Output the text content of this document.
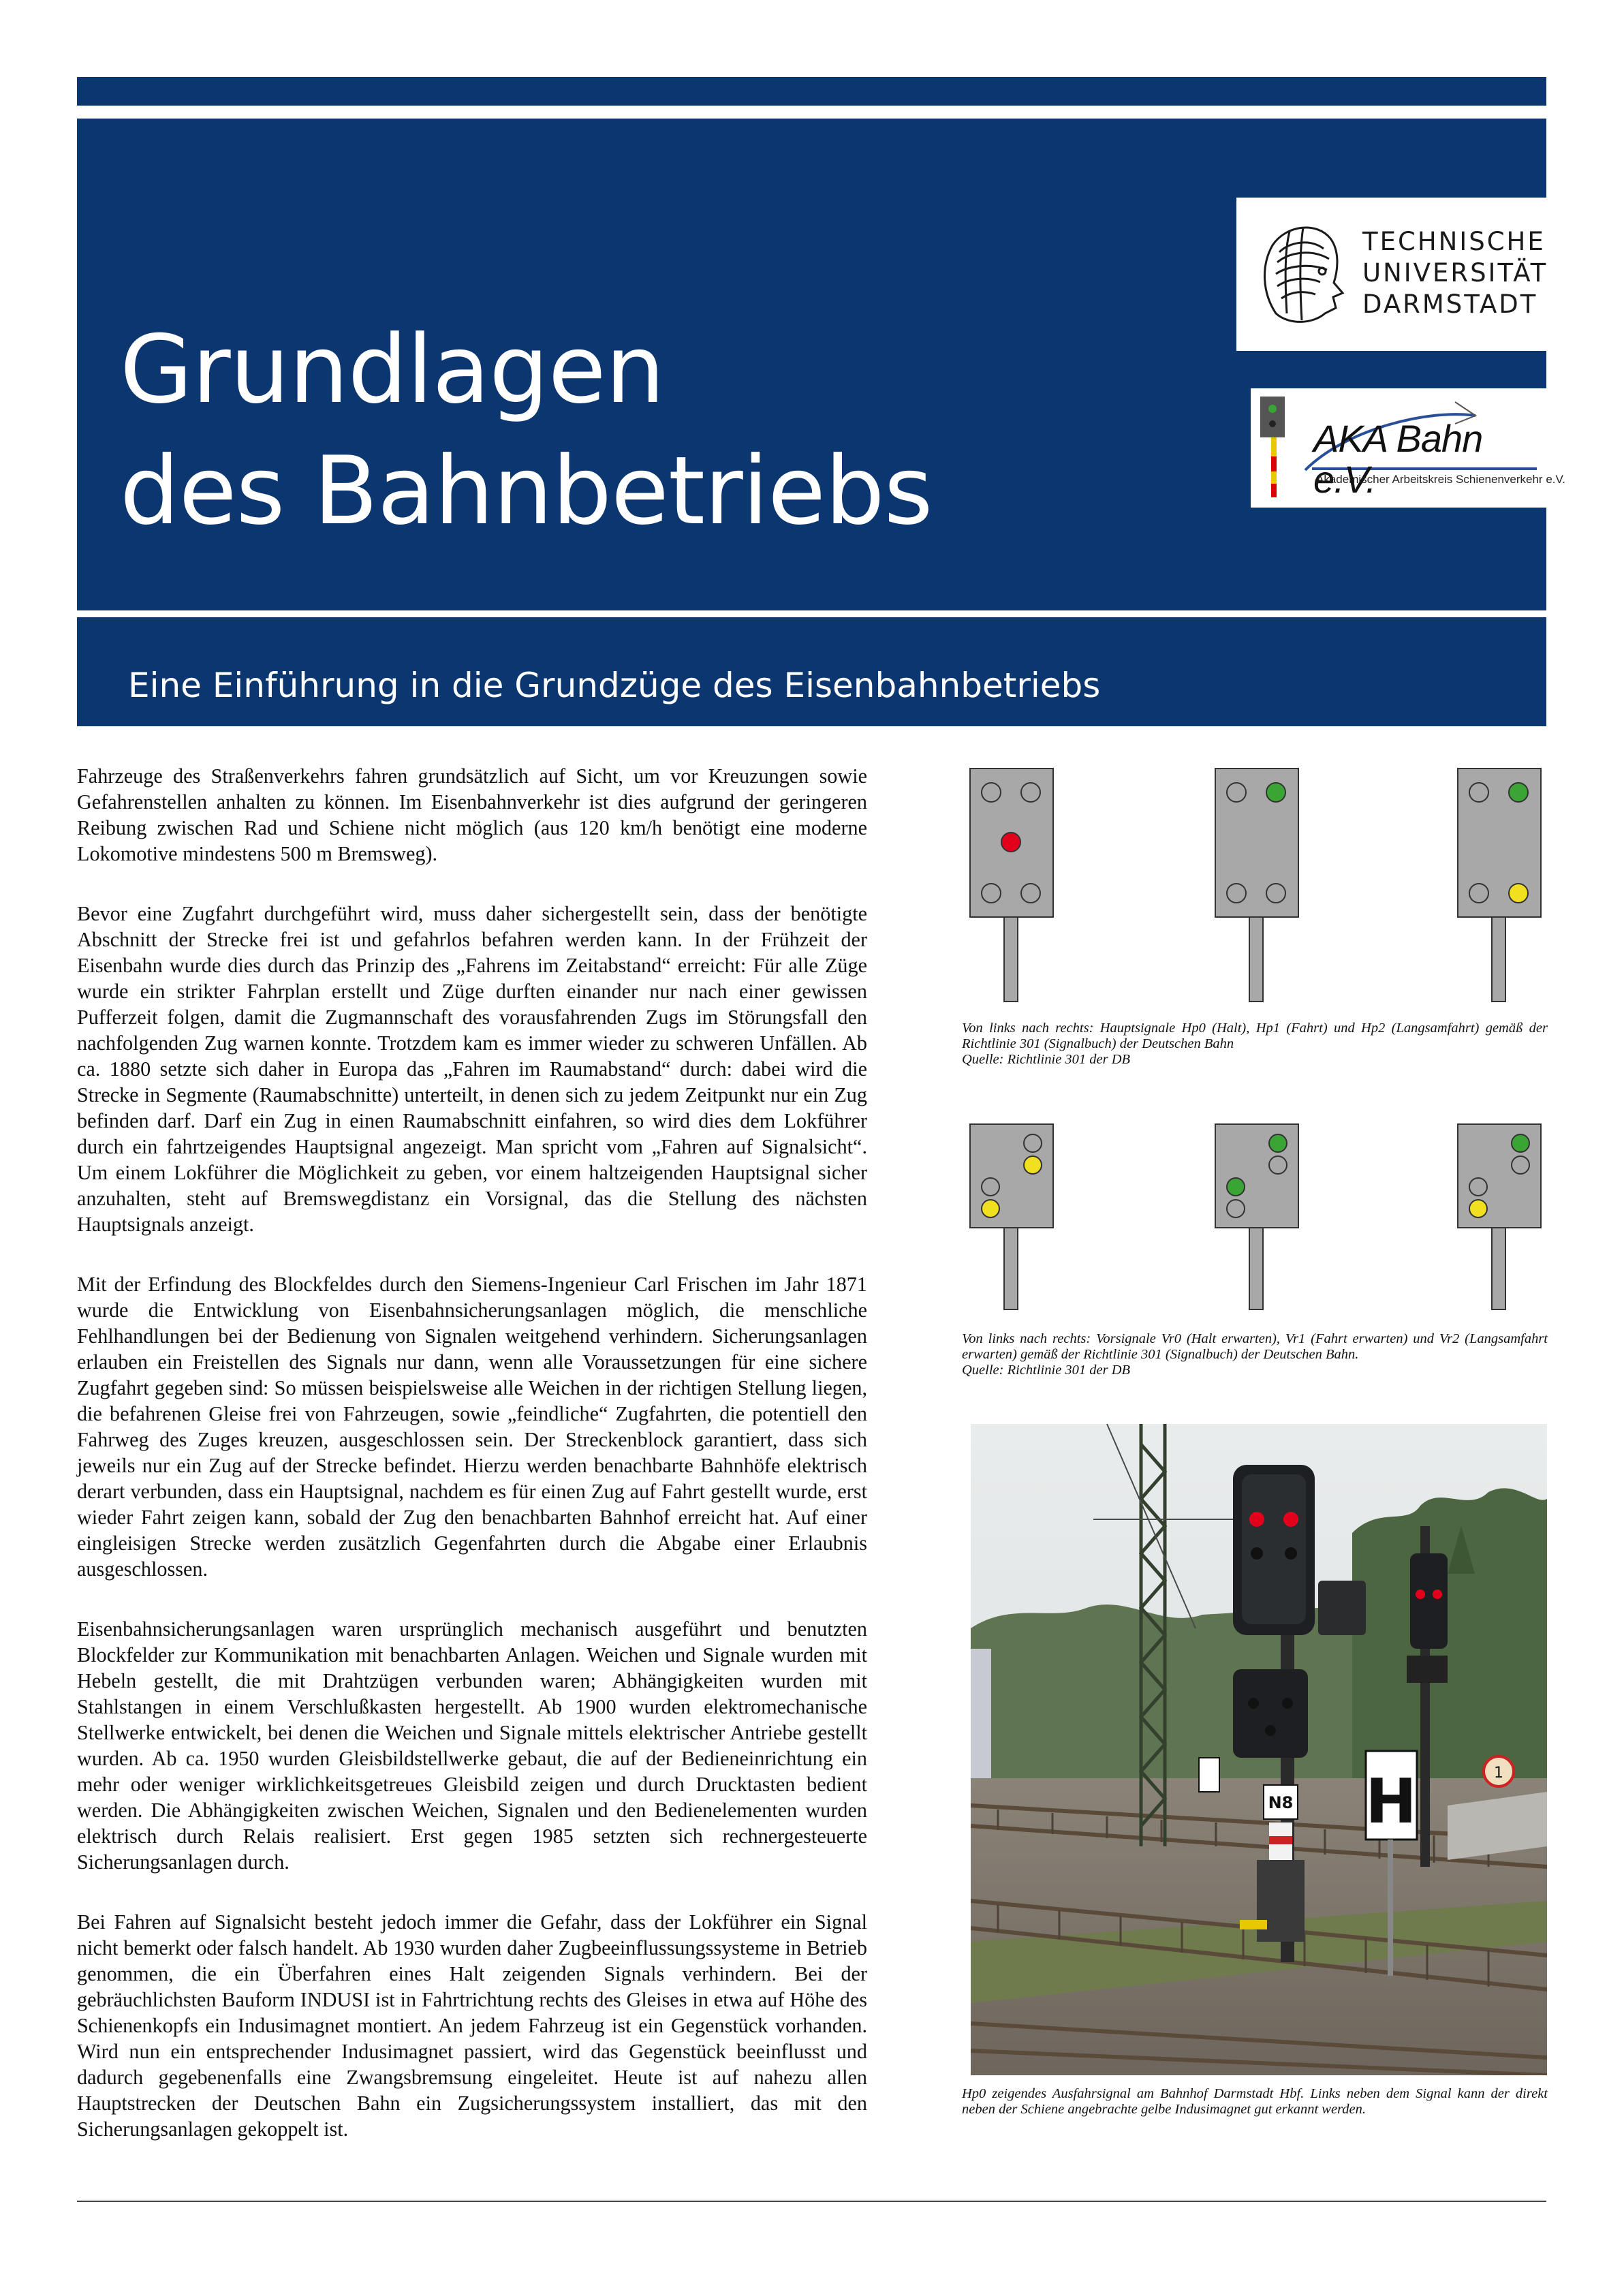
Grundlagen
des Bahnbetriebs
Eine Einführung in die Grundzüge des Eisenbahnbetriebs
TECHNISCHE
UNIVERSITÄT
DARMSTADT
AKA Bahn e.V.
Akademischer Arbeitskreis Schienenverkehr e.V.

Fahrzeuge des Straßenverkehrs fahren grundsätzlich auf Sicht, um vor Kreuzungen sowie Gefahrenstellen anhalten zu können. Im Eisenbahnverkehr ist dies aufgrund der geringeren Reibung zwischen Rad und Schiene nicht möglich (aus 120 km/h benötigt eine moderne Lokomotive mindestens 500 m Bremsweg).

Bevor eine Zugfahrt durchgeführt wird, muss daher sichergestellt sein, dass der benötigte Abschnitt der Strecke frei ist und gefahrlos befahren werden kann. In der Frühzeit der Eisenbahn wurde dies durch das Prinzip des „Fahrens im Zeitabstand“ erreicht: Für alle Züge wurde ein strikter Fahrplan erstellt und Züge durften einander nur nach einer gewissen Pufferzeit folgen, damit die Zugmannschaft des vorausfahrenden Zugs im Störungsfall den nachfolgenden Zug warnen konnte. Trotzdem kam es immer wieder zu schweren Unfällen. Ab ca. 1880 setzte sich daher in Europa das „Fahren im Raumabstand“ durch: dabei wird die Strecke in Segmente (Raumabschnitte) unterteilt, in denen sich zu jedem Zeitpunkt nur ein Zug befinden darf. Darf ein Zug in einen Raumabschnitt einfahren, so wird dies dem Lokführer durch ein fahrtzeigendes Hauptsignal angezeigt. Man spricht vom „Fahren auf Signalsicht“. Um einem Lokführer die Möglichkeit zu geben, vor einem haltzeigenden Hauptsignal sicher anzuhalten, steht auf Bremswegdistanz ein Vorsignal, das die Stellung des nächsten Hauptsignals anzeigt.

Mit der Erfindung des Blockfeldes durch den Siemens-Ingenieur Carl Frischen im Jahr 1871 wurde die Entwicklung von Eisenbahnsicherungsanlagen möglich, die menschliche Fehlhandlungen bei der Bedienung von Signalen weitgehend verhindern. Sicherungsanlagen erlauben ein Freistellen des Signals nur dann, wenn alle Voraussetzungen für eine sichere Zugfahrt gegeben sind: So müssen beispielsweise alle Weichen in der richtigen Stellung liegen, die befahrenen Gleise frei von Fahrzeugen, sowie „feindliche“ Zugfahrten, die potentiell den Fahrweg des Zuges kreuzen, ausgeschlossen sein. Der Streckenblock garantiert, dass sich jeweils nur ein Zug auf der Strecke befindet. Hierzu werden benachbarte Bahnhöfe elektrisch derart verbunden, dass ein Hauptsignal, nachdem es für einen Zug auf Fahrt gestellt wurde, erst wieder Fahrt zeigen kann, sobald der Zug den benachbarten Bahnhof erreicht hat. Auf einer eingleisigen Strecke werden zusätzlich Gegenfahrten durch die Abgabe einer Erlaubnis ausgeschlossen.

Eisenbahnsicherungsanlagen waren ursprünglich mechanisch ausgeführt und benutzten Blockfelder zur Kommunikation mit benachbarten Anlagen. Weichen und Signale wurden mit Hebeln gestellt, die mit Drahtzügen verbunden waren; Abhängigkeiten wurden mit Stahlstangen in einem Verschlußkasten hergestellt. Ab 1900 wurden elektromechanische Stellwerke entwickelt, bei denen die Weichen und Signale mittels elektrischer Antriebe gestellt wurden. Ab ca. 1950 wurden Gleisbildstellwerke gebaut, die auf der Bedieneinrichtung ein mehr oder weniger wirklichkeitsgetreues Gleisbild zeigen und durch Drucktasten bedient werden. Die Abhängigkeiten zwischen Weichen, Signalen und den Bedienelementen wurden elektrisch durch Relais realisiert. Erst gegen 1985 setzten sich rechnergesteuerte Sicherungsanlagen durch.

Bei Fahren auf Signalsicht besteht jedoch immer die Gefahr, dass der Lokführer ein Signal nicht bemerkt oder falsch handelt. Ab 1930 wurden daher Zugbeeinflussungssysteme in Betrieb genommen, die ein Überfahren eines Halt zeigenden Signals verhindern. Bei der gebräuchlichsten Bauform INDUSI ist in Fahrtrichtung rechts des Gleises in etwa auf Höhe des Schienenkopfs ein Indusimagnet montiert. An jedem Fahrzeug ist ein Gegenstück vorhanden. Wird nun ein entsprechender Indusimagnet passiert, wird das Gegenstück beeinflusst und dadurch gegebenenfalls eine Zwangsbremsung eingeleitet. Heute ist auf nahezu allen Hauptstrecken der Deutschen Bahn ein Zugsicherungssystem installiert, das mit den Sicherungsanlagen gekoppelt ist.

Von links nach rechts: Hauptsignale Hp0 (Halt), Hp1 (Fahrt) und Hp2 (Langsamfahrt) gemäß der Richtlinie 301 (Signalbuch) der Deutschen Bahn
Quelle: Richtlinie 301 der DB
Von links nach rechts: Vorsignale Vr0 (Halt erwarten), Vr1 (Fahrt erwarten) und Vr2 (Langsamfahrt erwarten) gemäß der Richtlinie 301 (Signalbuch) der Deutschen Bahn.
Quelle: Richtlinie 301 der DB
N8 H	1
Hp0 zeigendes Ausfahrsignal am Bahnhof Darmstadt Hbf. Links neben dem Signal kann der direkt neben der Schiene angebrachte gelbe Indusimagnet gut erkannt werden.
